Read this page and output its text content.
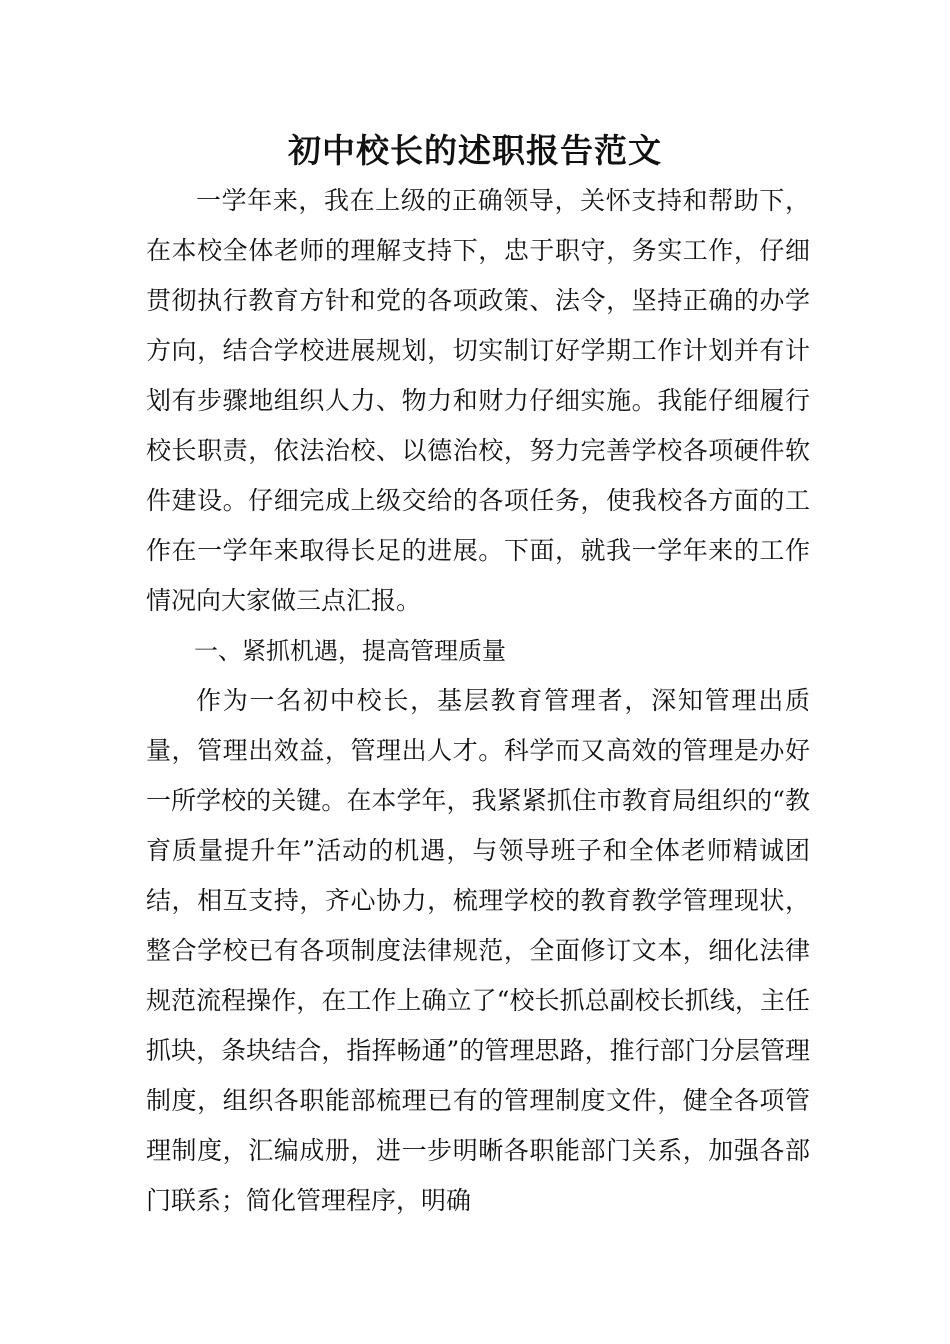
初中校长的述职报告范文

一学年来，我在上级的正确领导，关怀支持和帮助下，在本校全体老师的理解支持下，忠于职守，务实工作，仔细贯彻执行教育方针和党的各项政策、法令，坚持正确的办学方向，结合学校进展规划，切实制订好学期工作计划并有计划有步骤地组织人力、物力和财力仔细实施。我能仔细履行校长职责，依法治校、以德治校，努力完善学校各项硬件软件建设。仔细完成上级交给的各项任务，使我校各方面的工作在一学年来取得长足的进展。下面，就我一学年来的工作情况向大家做三点汇报。

一、紧抓机遇，提高管理质量

作为一名初中校长，基层教育管理者，深知管理出质量，管理出效益，管理出人才。科学而又高效的管理是办好一所学校的关键。在本学年，我紧紧抓住市教育局组织的“教育质量提升年”活动的机遇，与领导班子和全体老师精诚团结，相互支持，齐心协力，梳理学校的教育教学管理现状，整合学校已有各项制度法律规范，全面修订文本，细化法律规范流程操作，在工作上确立了“校长抓总副校长抓线，主任抓块，条块结合，指挥畅通”的管理思路，推行部门分层管理制度，组织各职能部梳理已有的管理制度文件，健全各项管理制度，汇编成册，进一步明晰各职能部门关系，加强各部门联系；简化管理程序，明确
